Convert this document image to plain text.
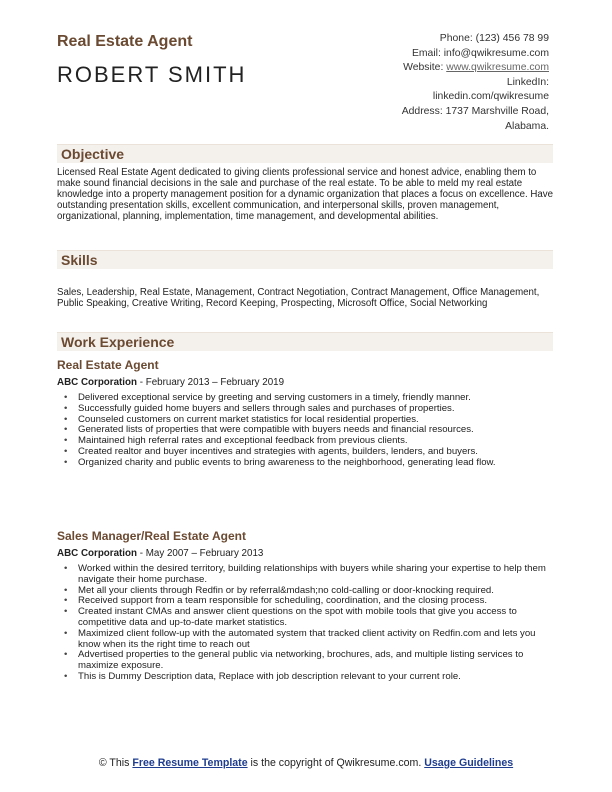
Real Estate Agent
ROBERT SMITH
Phone: (123) 456 78 99
Email: info@qwikresume.com
Website: www.qwikresume.com
LinkedIn:
linkedin.com/qwikresume
Address: 1737 Marshville Road,
Alabama.
Objective
Licensed Real Estate Agent dedicated to giving clients professional service and honest advice, enabling them to make sound financial decisions in the sale and purchase of the real estate. To be able to meld my real estate knowledge into a property management position for a dynamic organization that places a focus on excellence. Have outstanding presentation skills, excellent communication, and interpersonal skills, proven management, organizational, planning, implementation, time management, and developmental abilities.
Skills
Sales, Leadership, Real Estate, Management, Contract Negotiation, Contract Management, Office Management, Public Speaking, Creative Writing, Record Keeping, Prospecting, Microsoft Office, Social Networking
Work Experience
Real Estate Agent
ABC Corporation - February 2013 – February 2019
• Delivered exceptional service by greeting and serving customers in a timely, friendly manner.
• Successfully guided home buyers and sellers through sales and purchases of properties.
• Counseled customers on current market statistics for local residential properties.
• Generated lists of properties that were compatible with buyers needs and financial resources.
• Maintained high referral rates and exceptional feedback from previous clients.
• Created realtor and buyer incentives and strategies with agents, builders, lenders, and buyers.
• Organized charity and public events to bring awareness to the neighborhood, generating lead flow.
Sales Manager/Real Estate Agent
ABC Corporation - May 2007 – February 2013
• Worked within the desired territory, building relationships with buyers while sharing your expertise to help them navigate their home purchase.
• Met all your clients through Redfin or by referral&mdash;no cold-calling or door-knocking required.
• Received support from a team responsible for scheduling, coordination, and the closing process.
• Created instant CMAs and answer client questions on the spot with mobile tools that give you access to competitive data and up-to-date market statistics.
• Maximized client follow-up with the automated system that tracked client activity on Redfin.com and lets you know when its the right time to reach out
• Advertised properties to the general public via networking, brochures, ads, and multiple listing services to maximize exposure.
• This is Dummy Description data, Replace with job description relevant to your current role.
© This Free Resume Template is the copyright of Qwikresume.com. Usage Guidelines
